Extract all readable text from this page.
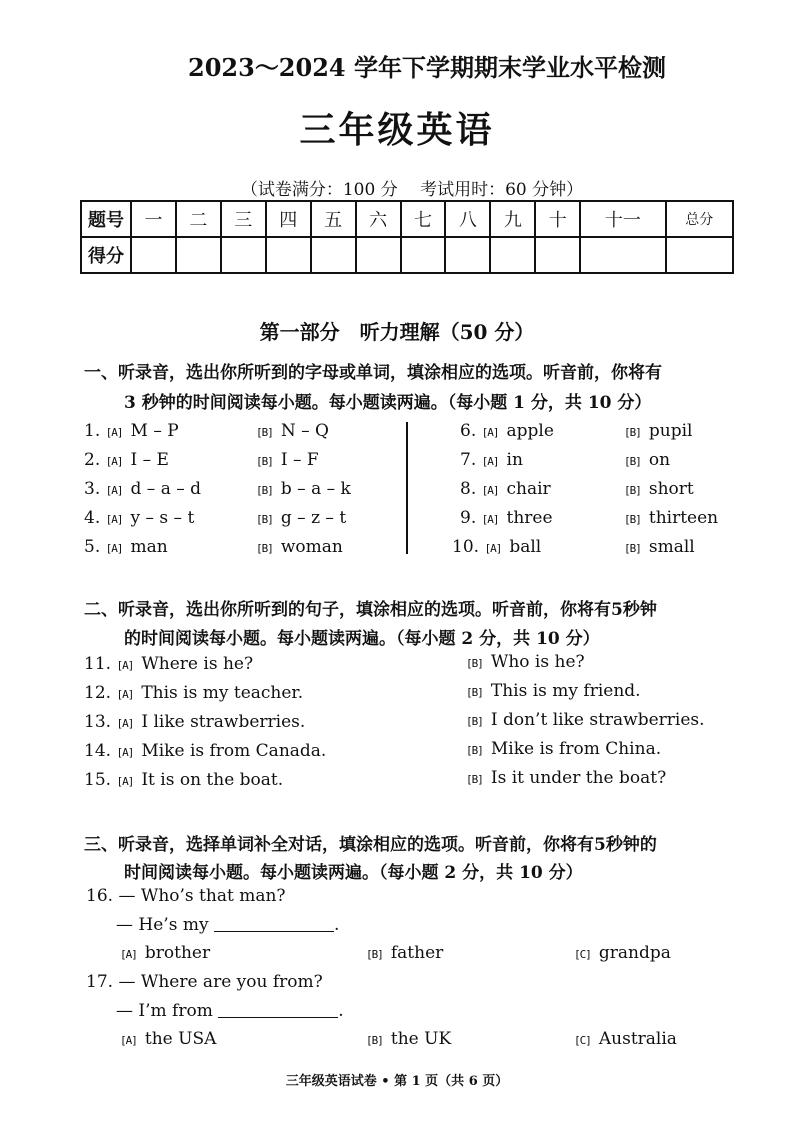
2023～2024 学年下学期期末学业水平检测
三年级英语
（试卷满分：100 分　 考试用时：60 分钟）
题号	一	二	三	四	五	六	七	八	九	十	十一	总分
得分												
第一部分　听力理解（50 分）
一、听录音，选出你所听到的字母或单词，填涂相应的选项。听音前，你将有
3 秒钟的时间阅读每小题。每小题读两遍。（每小题 1 分，共 10 分）
1. [A] M – P	[B] N – Q
2. [A] I – E	[B] I – F
3. [A] d – a – d	[B] b – a – k
4. [A] y – s – t	[B] g – z – t
5. [A] man	[B] woman
6. [A] apple	[B] pupil
7. [A] in	[B] on
8. [A] chair	[B] short
9. [A] three	[B] thirteen
10. [A] ball	[B] small
二、听录音，选出你所听到的句子，填涂相应的选项。听音前，你将有5秒钟
的时间阅读每小题。每小题读两遍。（每小题 2 分，共 10 分）
11. [A] Where is he?	[B] Who is he?
12. [A] This is my teacher.	[B] This is my friend.
13. [A] I like strawberries.	[B] I don’t like strawberries.
14. [A] Mike is from Canada.	[B] Mike is from China.
15. [A] It is on the boat.	[B] Is it under the boat?
三、听录音，选择单词补全对话，填涂相应的选项。听音前，你将有5秒钟的
时间阅读每小题。每小题读两遍。（每小题 2 分，共 10 分）
16. — Who’s that man?
— He’s my	.
[A] brother	[B] father	[C] grandpa
17. — Where are you from?
— I’m from	.
[A] the USA	[B] the UK	[C] Australia
三年级英语试卷 • 第 1 页（共 6 页）
